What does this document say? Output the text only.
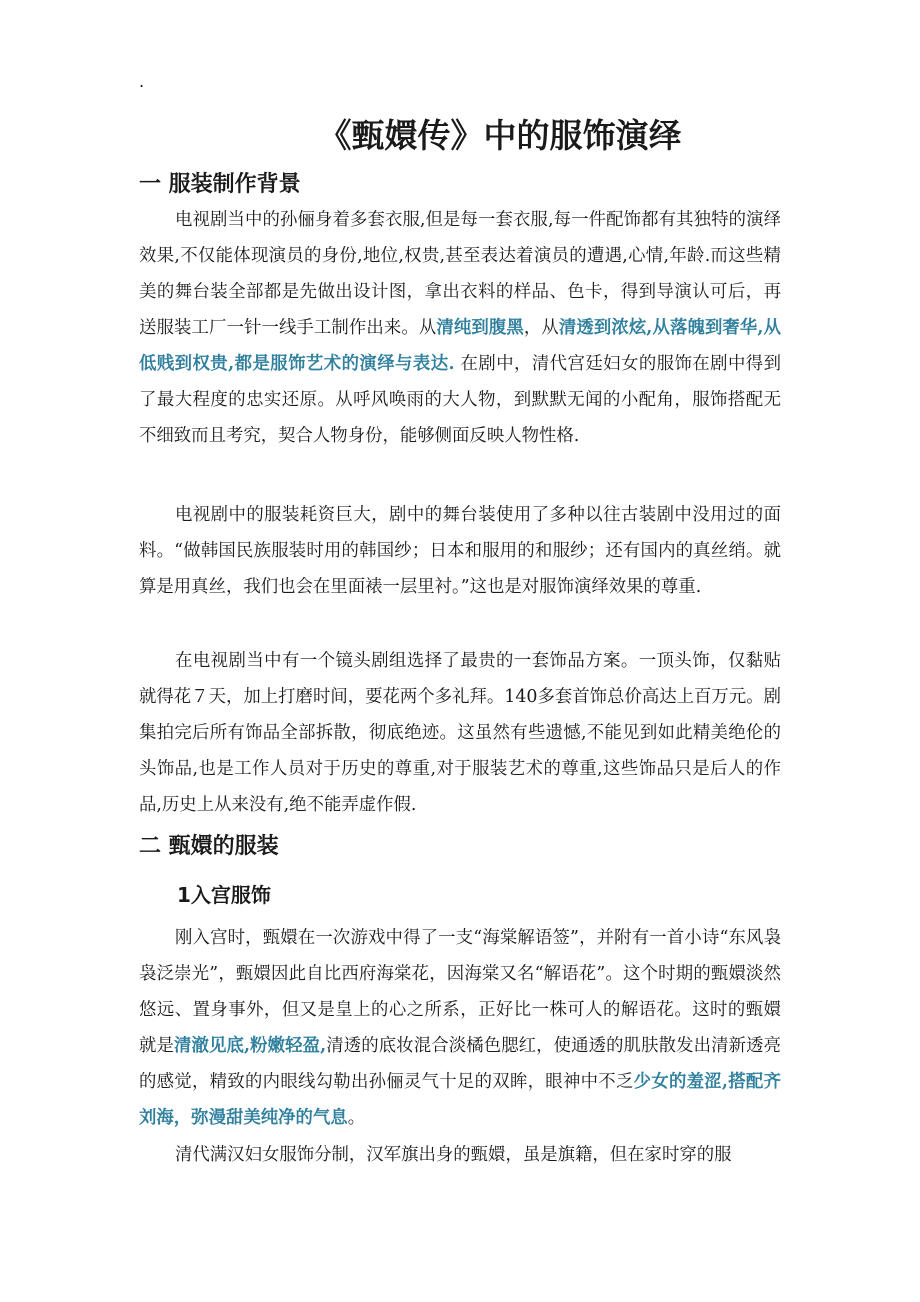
.
《甄嬛传》中的服饰演绎
一 服装制作背景

电视剧当中的孙俪身着多套衣服,但是每一套衣服,每一件配饰都有其独特的演绎效果,不仅能体现演员的身份,地位,权贵,甚至表达着演员的遭遇,心情,年龄.而这些精美的舞台装全部都是先做出设计图，拿出衣料的样品、色卡，得到导演认可后，再送服装工厂一针一线手工制作出来。从清纯到腹黑，从清透到浓炫,从落魄到奢华,从低贱到权贵,都是服饰艺术的演绎与表达. 在剧中，清代宫廷妇女的服饰在剧中得到了最大程度的忠实还原。从呼风唤雨的大人物，到默默无闻的小配角，服饰搭配无不细致而且考究，契合人物身份，能够侧面反映人物性格.

电视剧中的服装耗资巨大，剧中的舞台装使用了多种以往古装剧中没用过的面料。“做韩国民族服装时用的韩国纱；日本和服用的和服纱；还有国内的真丝绡。就算是用真丝，我们也会在里面裱一层里衬。”这也是对服饰演绎效果的尊重.

在电视剧当中有一个镜头剧组选择了最贵的一套饰品方案。一顶头饰，仅黏贴就得花７天，加上打磨时间，要花两个多礼拜。140多套首饰总价高达上百万元。剧集拍完后所有饰品全部拆散，彻底绝迹。这虽然有些遗憾,不能见到如此精美绝伦的头饰品,也是工作人员对于历史的尊重,对于服装艺术的尊重,这些饰品只是后人的作品,历史上从来没有,绝不能弄虚作假.

二 甄嬛的服装
1入宫服饰

刚入宫时，甄嬛在一次游戏中得了一支“海棠解语签”，并附有一首小诗“东风袅袅泛崇光”，甄嬛因此自比西府海棠花，因海棠又名“解语花”。这个时期的甄嬛淡然悠远、置身事外，但又是皇上的心之所系，正好比一株可人的解语花。这时的甄嬛就是清澈见底,粉嫩轻盈,清透的底妆混合淡橘色腮红，使通透的肌肤散发出清新透亮的感觉，精致的内眼线勾勒出孙俪灵气十足的双眸，眼神中不乏少女的羞涩,搭配齐刘海，弥漫甜美纯净的气息。

清代满汉妇女服饰分制，汉军旗出身的甄嬛，虽是旗籍，但在家时穿的服
